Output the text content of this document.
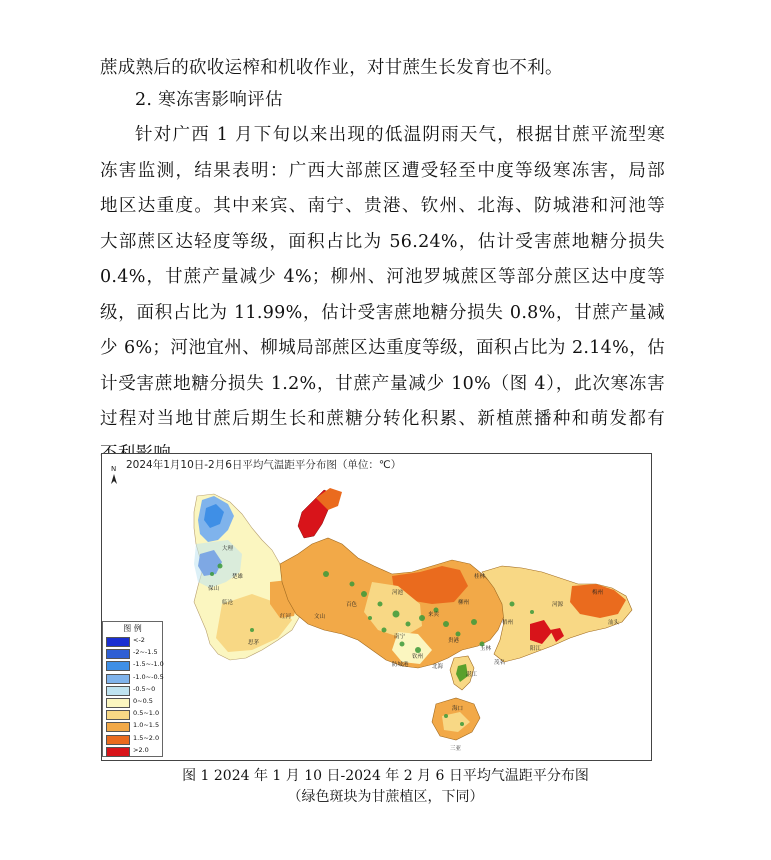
蔗成熟后的砍收运榨和机收作业，对甘蔗生长发育也不利。
2. 寒冻害影响评估
针对广西 1 月下旬以来出现的低温阴雨天气，根据甘蔗平流型寒
冻害监测，结果表明：广西大部蔗区遭受轻至中度等级寒冻害，局部
地区达重度。其中来宾、南宁、贵港、钦州、北海、防城港和河池等
大部蔗区达轻度等级，面积占比为 56.24%，估计受害蔗地糖分损失
0.4%，甘蔗产量减少 4%；柳州、河池罗城蔗区等部分蔗区达中度等
级，面积占比为 11.99%，估计受害蔗地糖分损失 0.8%，甘蔗产量减
少 6%；河池宜州、柳城局部蔗区达重度等级，面积占比为 2.14%，估
计受害蔗地糖分损失 1.2%，甘蔗产量减少 10%（图 4），此次寒冻害
过程对当地甘蔗后期生长和蔗糖分转化积累、新植蔗播种和萌发都有
N
大理
楚雄
临沧
保山
思茅
红河	文山
百色
河池
桂林
柳州
来宾
南宁
贵港
玉林
梧州
钦州
北海
防城港
湛江
茂名
阳江
河源
梅州
汕头
海口
三亚
2024年1月10日-2月6日平均气温距平分布图（单位：℃）
图 例
<-2
-2~-1.5
-1.5~-1.0
-1.0~-0.5
-0.5~0
0~0.5
0.5~1.0
1.0~1.5
1.5~2.0
>2.0
图 1 2024 年 1 月 10 日-2024 年 2 月 6 日平均气温距平分布图
（绿色斑块为甘蔗植区，下同）
